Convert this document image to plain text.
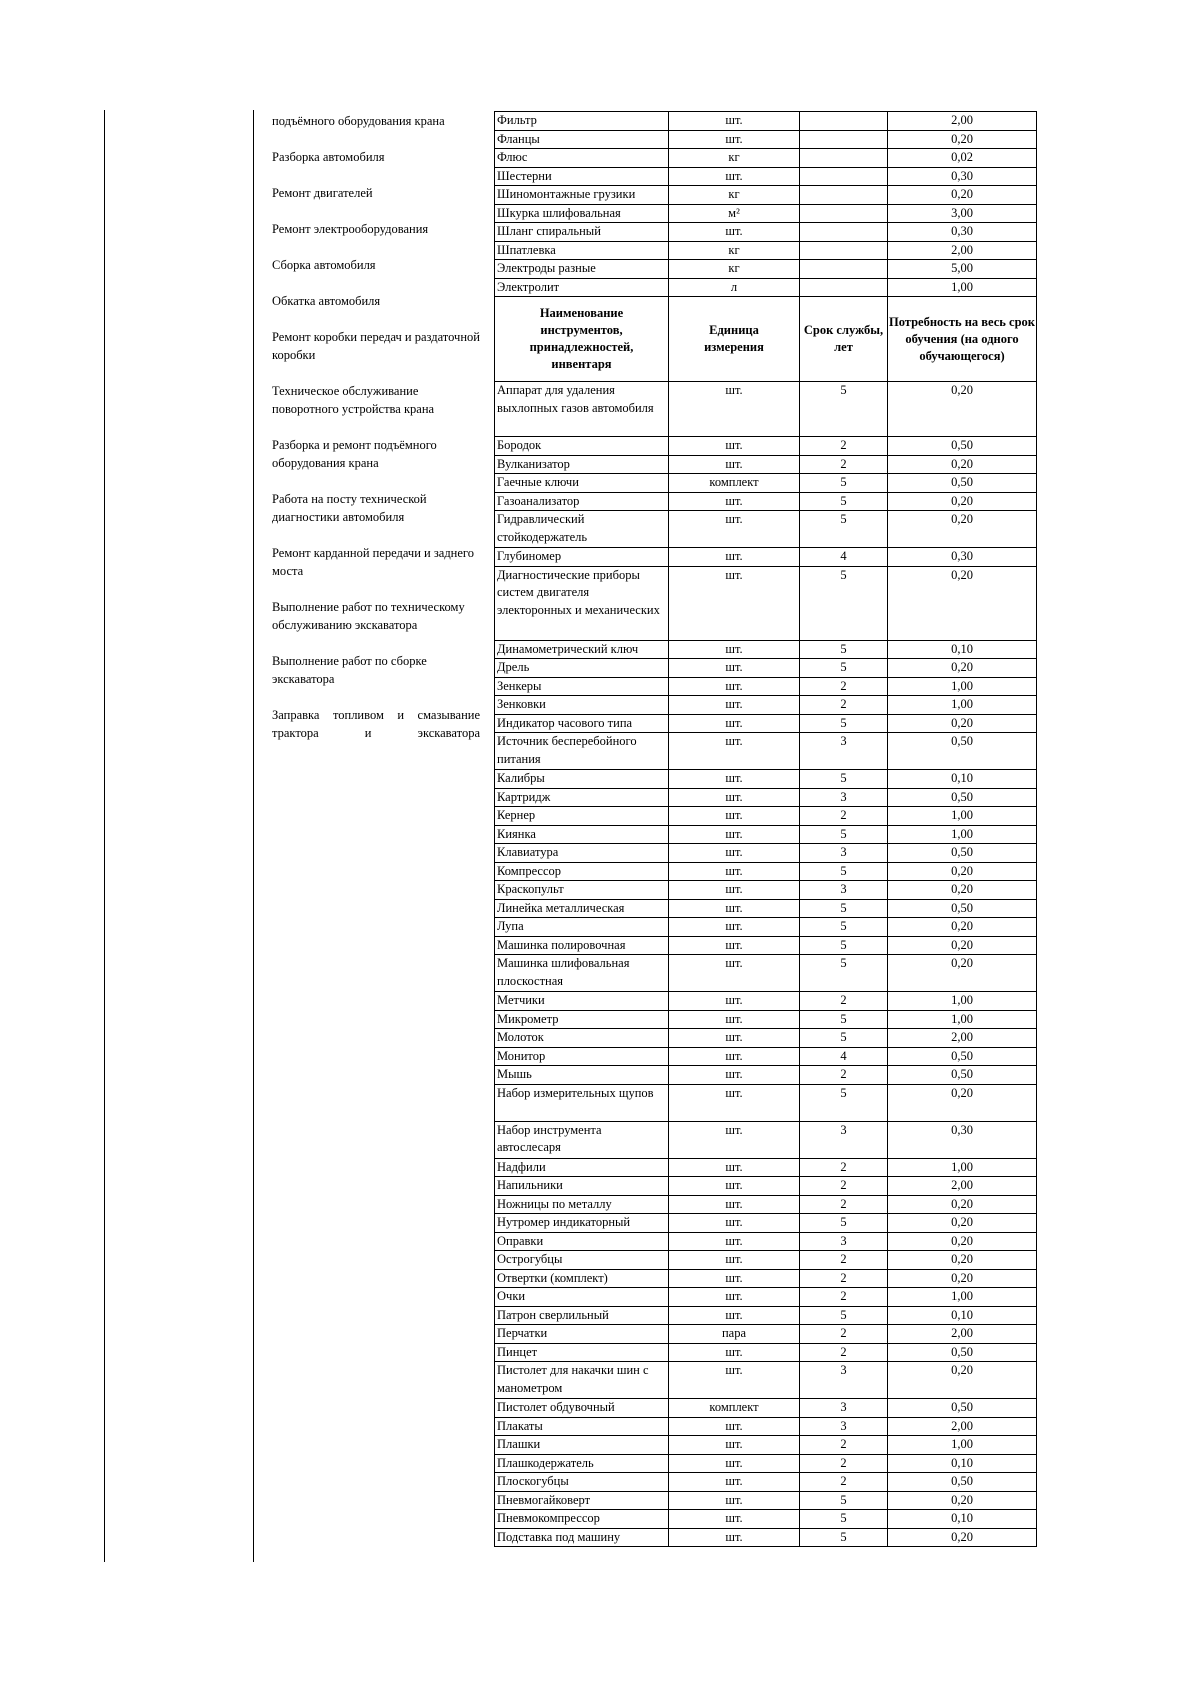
подъёмного оборудования крана
Разборка автомобиля
Ремонт двигателей
Ремонт электрооборудования
Сборка автомобиля
Обкатка автомобиля
Ремонт коробки передач и раздаточной коробки
Техническое обслуживание поворотного устройства крана
Разборка и ремонт подъёмного оборудования крана
Работа на посту технической диагностики автомобиля
Ремонт карданной передачи и заднего моста
Выполнение работ по техническому обслуживанию экскаватора
Выполнение работ по сборке экскаватора
Заправка топливом и смазывание трактора и экскаватора
Фильтр	шт.		2,00
Фланцы	шт.		0,20
Флюс	кг		0,02
Шестерни	шт.		0,30
Шиномонтажные грузики	кг		0,20
Шкурка шлифовальная	м²		3,00
Шланг спиральный	шт.		0,30
Шпатлевка	кг		2,00
Электроды разные	кг		5,00
Электролит	л		1,00
Наименование инструментов, принадлежностей, инвентаря	Единица измерения	Срок службы, лет	Потребность на весь срок обучения (на одного обучающегося)
Аппарат для удаления выхлопных газов автомобиля	шт.	5	0,20
Бородок	шт.	2	0,50
Вулканизатор	шт.	2	0,20
Гаечные ключи	комплект	5	0,50
Газоанализатор	шт.	5	0,20
Гидравлический стойкодержатель	шт.	5	0,20
Глубиномер	шт.	4	0,30
Диагностические приборы систем двигателя электоронных и механических	шт.	5	0,20
Динамометрический ключ	шт.	5	0,10
Дрель	шт.	5	0,20
Зенкеры	шт.	2	1,00
Зенковки	шт.	2	1,00
Индикатор часового типа	шт.	5	0,20
Источник бесперебойного питания	шт.	3	0,50
Калибры	шт.	5	0,10
Картридж	шт.	3	0,50
Кернер	шт.	2	1,00
Киянка	шт.	5	1,00
Клавиатура	шт.	3	0,50
Компрессор	шт.	5	0,20
Краскопульт	шт.	3	0,20
Линейка металлическая	шт.	5	0,50
Лупа	шт.	5	0,20
Машинка полировочная	шт.	5	0,20
Машинка шлифовальная плоскостная	шт.	5	0,20
Метчики	шт.	2	1,00
Микрометр	шт.	5	1,00
Молоток	шт.	5	2,00
Монитор	шт.	4	0,50
Мышь	шт.	2	0,50
Набор измерительных щупов	шт.	5	0,20
Набор инструмента автослесаря	шт.	3	0,30
Надфили	шт.	2	1,00
Напильники	шт.	2	2,00
Ножницы по металлу	шт.	2	0,20
Нутромер индикаторный	шт.	5	0,20
Оправки	шт.	3	0,20
Острогубцы	шт.	2	0,20
Отвертки (комплект)	шт.	2	0,20
Очки	шт.	2	1,00
Патрон сверлильный	шт.	5	0,10
Перчатки	пара	2	2,00
Пинцет	шт.	2	0,50
Пистолет для накачки шин с манометром	шт.	3	0,20
Пистолет обдувочный	комплект	3	0,50
Плакаты	шт.	3	2,00
Плашки	шт.	2	1,00
Плашкодержатель	шт.	2	0,10
Плоскогубцы	шт.	2	0,50
Пневмогайковерт	шт.	5	0,20
Пневмокомпрессор	шт.	5	0,10
Подставка под машину	шт.	5	0,20
